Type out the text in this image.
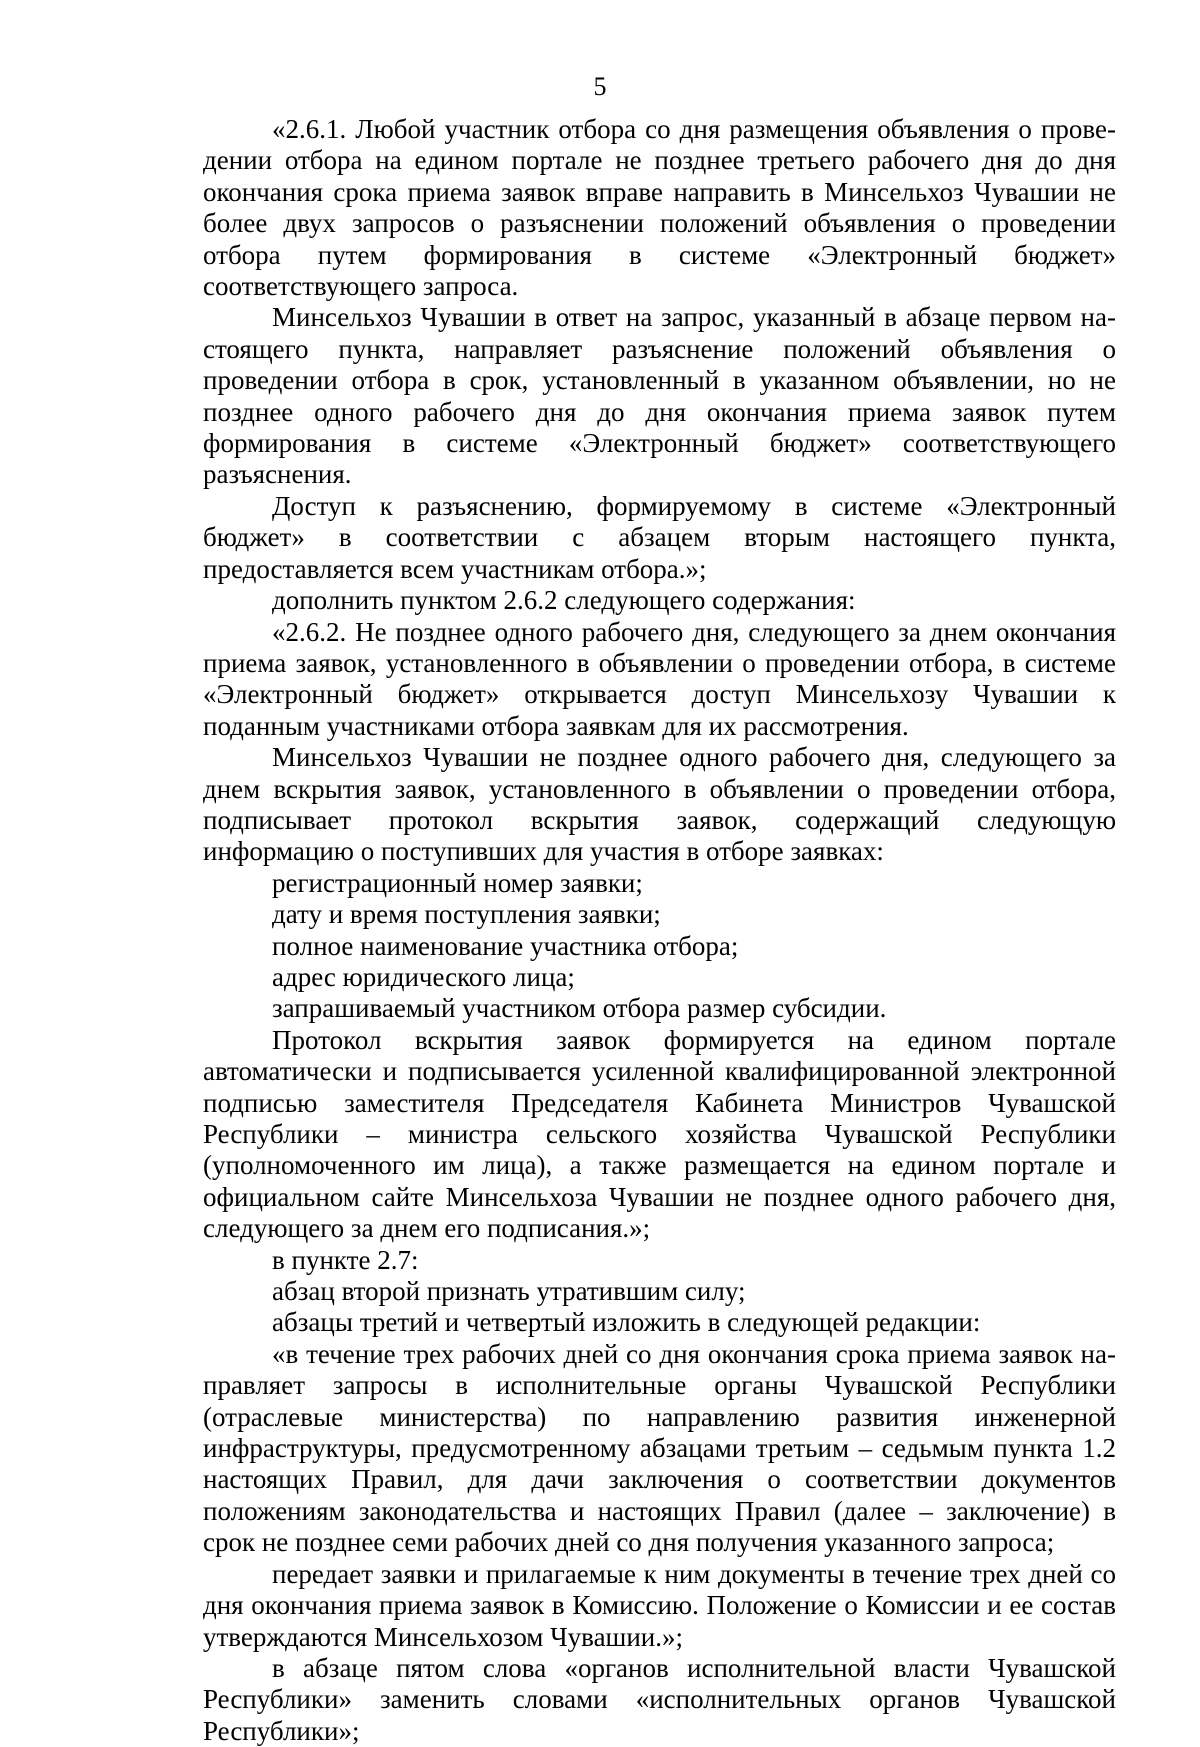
5

«2.6.1. Любой участник отбора со дня размещения объявления о проведении отбора на едином портале не позднее третьего рабочего дня до дня окончания срока приема заявок вправе направить в Минсельхоз Чувашии не более двух запросов о разъяснении положений объявления о проведении отбора путем формирования в системе «Электронный бюджет» соответствующего запроса.

Минсельхоз Чувашии в ответ на запрос, указанный в абзаце первом настоящего пункта, направляет разъяснение положений объявления о проведении отбора в срок, установленный в указанном объявлении, но не позднее одного рабочего дня до дня окончания приема заявок путем формирования в системе «Электронный бюджет» соответствующего разъяснения.

Доступ к разъяснению, формируемому в системе «Электронный бюджет» в соответствии с абзацем вторым настоящего пункта, предоставляется всем участникам отбора.»;

дополнить пунктом 2.6.2 следующего содержания:

«2.6.2. Не позднее одного рабочего дня, следующего за днем окончания приема заявок, установленного в объявлении о проведении отбора, в системе «Электронный бюджет» открывается доступ Минсельхозу Чувашии к поданным участниками отбора заявкам для их рассмотрения.

Минсельхоз Чувашии не позднее одного рабочего дня, следующего за днем вскрытия заявок, установленного в объявлении о проведении отбора, подписывает протокол вскрытия заявок, содержащий следующую информацию о поступивших для участия в отборе заявках:

регистрационный номер заявки;

дату и время поступления заявки;

полное наименование участника отбора;

адрес юридического лица;

запрашиваемый участником отбора размер субсидии.

Протокол вскрытия заявок формируется на едином портале автоматически и подписывается усиленной квалифицированной электронной подписью заместителя Председателя Кабинета Министров Чувашской Республики – министра сельского хозяйства Чувашской Республики (уполномоченного им лица), а также размещается на едином портале и официальном сайте Минсельхоза Чувашии не позднее одного рабочего дня, следующего за днем его подписания.»;

в пункте 2.7:

абзац второй признать утратившим силу;

абзацы третий и четвертый изложить в следующей редакции:

«в течение трех рабочих дней со дня окончания срока приема заявок направляет запросы в исполнительные органы Чувашской Республики (отраслевые министерства) по направлению развития инженерной инфраструктуры, предусмотренному абзацами третьим – седьмым пункта 1.2 настоящих Правил, для дачи заключения о соответствии документов положениям законодательства и настоящих Правил (далее – заключение) в срок не позднее семи рабочих дней со дня получения указанного запроса;

передает заявки и прилагаемые к ним документы в течение трех дней со дня окончания приема заявок в Комиссию. Положение о Комиссии и ее состав утверждаются Минсельхозом Чувашии.»;

в абзаце пятом слова «органов исполнительной власти Чувашской Республики» заменить словами «исполнительных органов Чувашской Республики»;
